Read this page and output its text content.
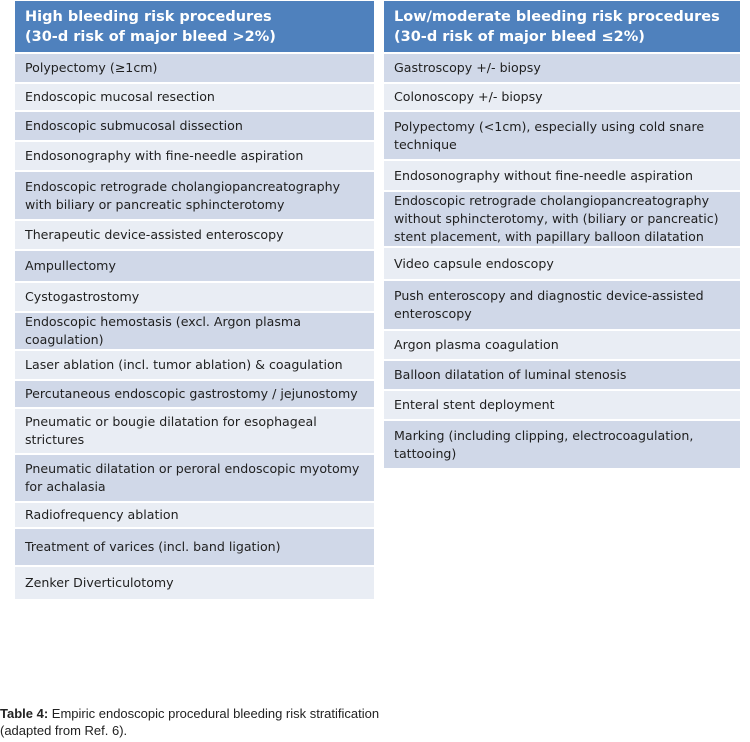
High bleeding risk procedures
(30-d risk of major bleed >2%)
Polypectomy (≥1cm)
Endoscopic mucosal resection
Endoscopic submucosal dissection
Endosonography with fine-needle aspiration
Endoscopic retrograde cholangiopancreatography with biliary or pancreatic sphincterotomy
Therapeutic device-assisted enteroscopy
Ampullectomy
Cystogastrostomy
Endoscopic hemostasis (excl. Argon plasma coagulation)
Laser ablation (incl. tumor ablation) & coagulation
Percutaneous endoscopic gastrostomy / jejunostomy
Pneumatic or bougie dilatation for esophageal strictures
Pneumatic dilatation or peroral endoscopic myotomy for achalasia
Radiofrequency ablation
Treatment of varices (incl. band ligation)
Zenker Diverticulotomy
Low/moderate bleeding risk procedures
(30-d risk of major bleed ≤2%)
Gastroscopy +/- biopsy
Colonoscopy +/- biopsy
Polypectomy (<1cm), especially using cold snare technique
Endosonography without fine-needle aspiration
Endoscopic retrograde cholangiopancreatography without sphincterotomy, with (biliary or pancreatic) stent placement, with papillary balloon dilatation
Video capsule endoscopy
Push enteroscopy and diagnostic device-assisted enteroscopy
Argon plasma coagulation
Balloon dilatation of luminal stenosis
Enteral stent deployment
Marking (including clipping, electrocoagulation, tattooing)
Table 4: Empiric endoscopic procedural bleeding risk stratification (adapted from Ref. 6).
